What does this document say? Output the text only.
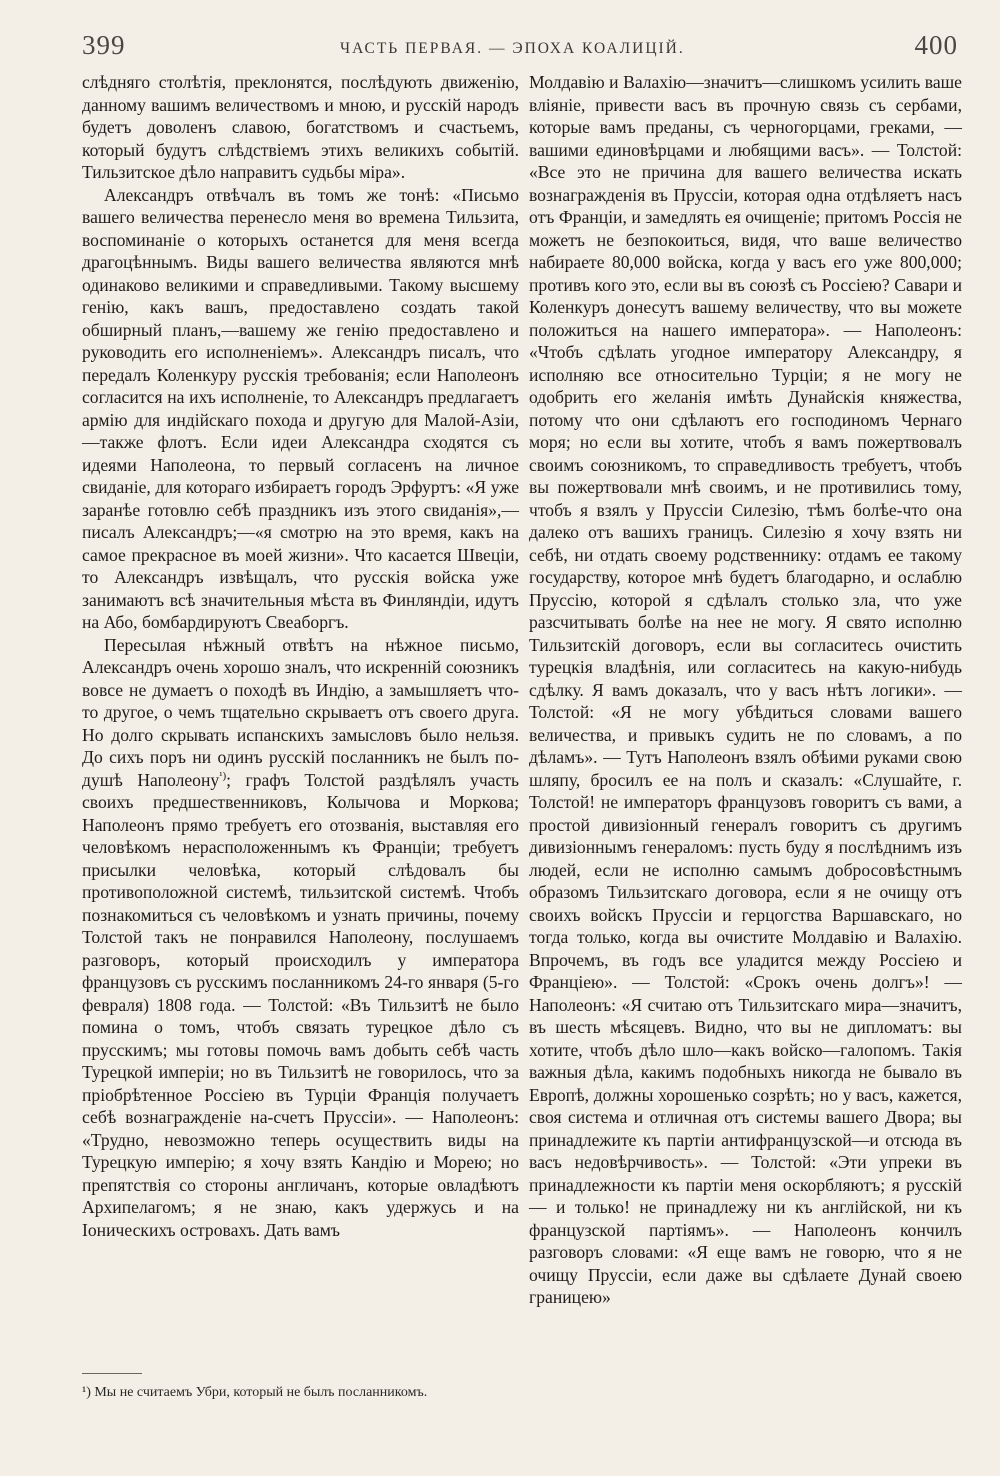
399	ЧАСТЬ ПЕРВАЯ. — ЭПОХА КОАЛИЦІЙ.	400

слѣдняго столѣтія, преклонятся, послѣдують движенію, данному вашимъ величествомъ и мною, и русскій народъ будетъ доволенъ славою, богатствомъ и счастьемъ, который будутъ слѣдствіемъ этихъ великихъ событій. Тильзитское дѣло направитъ судьбы міра».

Александръ отвѣчалъ въ томъ же тонѣ: «Письмо вашего величества перенесло меня во времена Тильзита, воспоминаніе о которыхъ останется для меня всегда драгоцѣннымъ. Виды вашего величества являются мнѣ одинаково великими и справедливыми. Такому высшему генію, какъ вашъ, предоставлено создать такой обширный планъ,—вашему же генію предоставлено и руководить его исполненіемъ». Александръ писалъ, что передалъ Коленкуру русскія требованія; если Наполеонъ согласится на ихъ исполненіе, то Александръ предлагаетъ армію для индійскаго похода и другую для Малой-Азіи,—также флотъ. Если идеи Александра сходятся съ идеями Наполеона, то первый согласенъ на личное свиданіе, для котораго избираетъ городъ Эрфуртъ: «Я уже заранѣе готовлю себѣ праздникъ изъ этого свиданія»,—писалъ Александръ;—«я смотрю на это время, какъ на самое прекрасное въ моей жизни». Что касается Швеціи, то Александръ извѣщалъ, что русскія войска уже занимаютъ всѣ значительныя мѣста въ Финляндіи, идутъ на Або, бомбардируютъ Свеаборгъ.

Пересылая нѣжный отвѣтъ на нѣжное письмо, Александръ очень хорошо зналъ, что искренній союзникъ вовсе не думаетъ о походѣ въ Индію, а замышляетъ что-то другое, о чемъ тщательно скрываетъ отъ своего друга. Но долго скрывать испанскихъ замысловъ было нельзя. До сихъ поръ ни одинъ русскій посланникъ не былъ по-душѣ Наполеону$^{^1)}$; графъ Толстой раздѣлялъ участь своихъ предшественниковъ, Колычова и Моркова; Наполеонъ прямо требуетъ его отозванія, выставляя его человѣкомъ нерасположеннымъ къ Франціи; требуетъ присылки человѣка, который слѣдовалъ бы противоположной системѣ, тильзитской системѣ. Чтобъ познакомиться съ человѣкомъ и узнать причины, почему Толстой такъ не понравился Наполеону, послушаемъ разговоръ, который происходилъ у императора французовъ съ русскимъ посланникомъ 24-го января (5-го февраля) 1808 года. — Толстой: «Въ Тильзитѣ не было помина о томъ, чтобъ связать турецкое дѣло съ прусскимъ; мы готовы помочь вамъ добыть себѣ часть Турецкой имперіи; но въ Тильзитѣ не говорилось, что за пріобрѣтенное Россіею въ Турціи Франція получаетъ себѣ вознагражденіе на-счетъ Пруссіи». — Наполеонъ: «Трудно, невозможно теперь осуществить виды на Турецкую имперію; я хочу взять Кандію и Морею; но препятствія со стороны англичанъ, которые овладѣютъ Архипелагомъ; я не знаю, какъ удержусь и на Іоническихъ островахъ. Дать вамъ

Молдавію и Валахію—значитъ—слишкомъ усилить ваше вліяніе, привести васъ въ прочную связь съ сербами, которые вамъ преданы, съ черногорцами, греками, — вашими единовѣрцами и любящими васъ». — Толстой: «Все это не причина для вашего величества искать вознагражденія въ Пруссіи, которая одна отдѣляетъ насъ отъ Франціи, и замедлять ея очищеніе; притомъ Россія не можетъ не безпокоиться, видя, что ваше величество набираете 80,000 войска, когда у васъ его уже 800,000; противъ кого это, если вы въ союзѣ съ Россіею? Савари и Коленкуръ донесутъ вашему величеству, что вы можете положиться на нашего императора». — Наполеонъ: «Чтобъ сдѣлать угодное императору Александру, я исполняю все относительно Турціи; я не могу не одобрить его желанія имѣть Дунайскія княжества, потому что они сдѣлаютъ его господиномъ Чернаго моря; но если вы хотите, чтобъ я вамъ пожертвовалъ своимъ союзникомъ, то справедливость требуетъ, чтобъ вы пожертвовали мнѣ своимъ, и не противились тому, чтобъ я взялъ у Пруссіи Силезію, тѣмъ болѣе-что она далеко отъ вашихъ границъ. Силезію я хочу взять ни себѣ, ни отдать своему родственнику: отдамъ ее такому государству, которое мнѣ будетъ благодарно, и ослаблю Пруссію, которой я сдѣлалъ столько зла, что уже разсчитывать болѣе на нее не могу. Я свято исполню Тильзитскій договоръ, если вы согласитесь очистить турецкія владѣнія, или согласитесь на какую-нибудь сдѣлку. Я вамъ доказалъ, что у васъ нѣтъ логики». — Толстой: «Я не могу убѣдиться словами вашего величества, и привыкъ судить не по словамъ, а по дѣламъ». — Тутъ Наполеонъ взялъ обѣими руками свою шляпу, бросилъ ее на полъ и сказалъ: «Слушайте, г. Толстой! не императоръ французовъ говоритъ съ вами, а простой дивизіонный генералъ говоритъ съ другимъ дивизіоннымъ генераломъ: пусть буду я послѣднимъ изъ людей, если не исполню самымъ добросовѣстнымъ образомъ Тильзитскаго договора, если я не очищу отъ своихъ войскъ Пруссіи и герцогства Варшавскаго, но тогда только, когда вы очистите Молдавію и Валахію. Впрочемъ, въ годъ все уладится между Россіею и Франціею». — Толстой: «Срокъ очень долгъ»! — Наполеонъ: «Я считаю отъ Тильзитскаго мира—значитъ, въ шесть мѣсяцевъ. Видно, что вы не дипломатъ: вы хотите, чтобъ дѣло шло—какъ войско—галопомъ. Такія важныя дѣла, какимъ подобныхъ никогда не бывало въ Европѣ, должны хорошенько созрѣть; но у васъ, кажется, своя система и отличная отъ системы вашего Двора; вы принадлежите къ партіи антифранцузской—и отсюда въ васъ недовѣрчивость». — Толстой: «Эти упреки въ принадлежности къ партіи меня оскорбляютъ; я русскій — и только! не принадлежу ни къ англійской, ни къ французской партіямъ». — Наполеонъ кончилъ разговоръ словами: «Я еще вамъ не говорю, что я не очищу Пруссіи, если даже вы сдѣлаете Дунай своею границею»

¹) Мы не считаемъ Убри, который не былъ посланникомъ.
